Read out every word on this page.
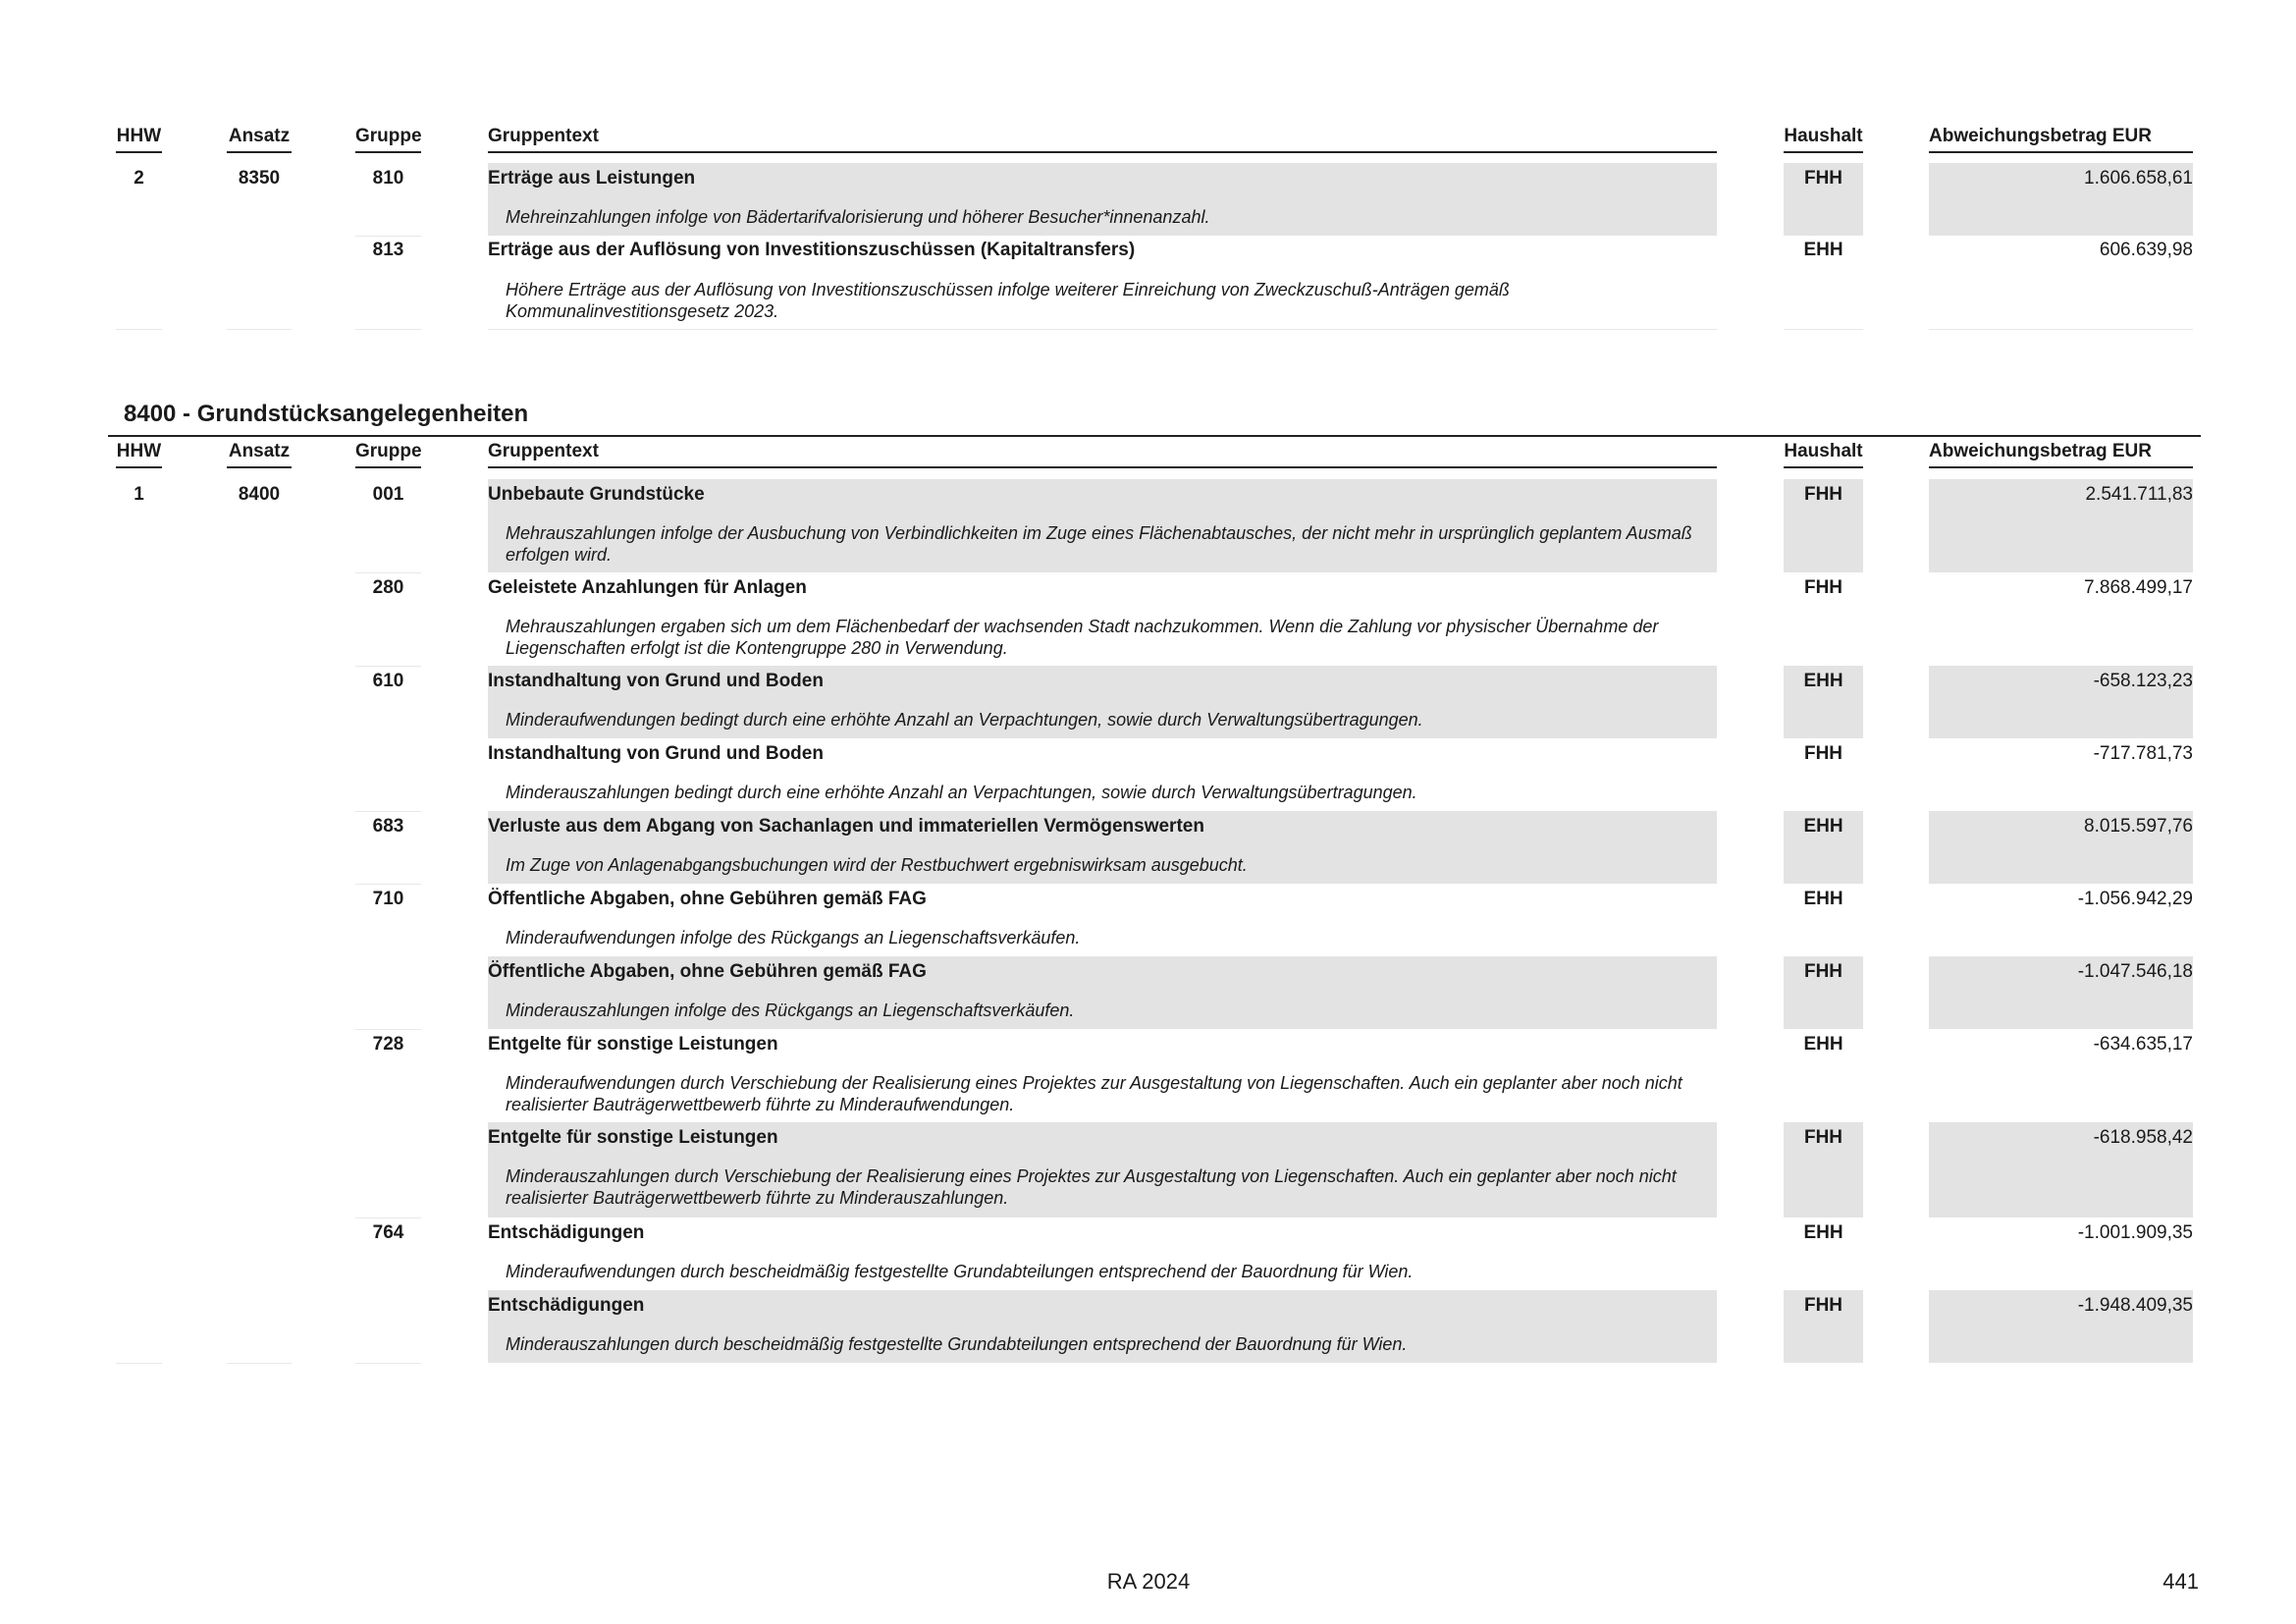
HHW	Ansatz	Gruppe	Gruppentext	Haushalt	Abweichungsbetrag EUR
2	8350	810	Erträge aus Leistungen
Mehreinzahlungen infolge von Bädertarifvalorisierung und höherer Besucher*innenanzahl.
FHH	1.606.658,61
813	Erträge aus der Auflösung von Investitionszuschüssen (Kapitaltransfers)
Höhere Erträge aus der Auflösung von Investitionszuschüssen infolge weiterer Einreichung von Zweckzuschuß-Anträgen gemäß Kommunalinvestitionsgesetz 2023.
EHH	606.639,98
8400 - Grundstücksangelegenheiten
HHW	Ansatz	Gruppe	Gruppentext	Haushalt	Abweichungsbetrag EUR
1	8400	001	Unbebaute Grundstücke
Mehrauszahlungen infolge der Ausbuchung von Verbindlichkeiten im Zuge eines Flächenabtausches, der nicht mehr in ursprünglich geplantem Ausmaß erfolgen wird.
FHH	2.541.711,83
280	Geleistete Anzahlungen für Anlagen
Mehrauszahlungen ergaben sich um dem Flächenbedarf der wachsenden Stadt nachzukommen. Wenn die Zahlung vor physischer Übernahme der Liegenschaften erfolgt ist die Kontengruppe 280 in Verwendung.
FHH	7.868.499,17
610	Instandhaltung von Grund und Boden
Minderaufwendungen bedingt durch eine erhöhte Anzahl an Verpachtungen, sowie durch Verwaltungsübertragungen.
EHH	-658.123,23
Instandhaltung von Grund und Boden
Minderauszahlungen bedingt durch eine erhöhte Anzahl an Verpachtungen, sowie durch Verwaltungsübertragungen.
FHH	-717.781,73
683	Verluste aus dem Abgang von Sachanlagen und immateriellen Vermögenswerten
Im Zuge von Anlagenabgangsbuchungen wird der Restbuchwert ergebniswirksam ausgebucht.
EHH	8.015.597,76
710	Öffentliche Abgaben, ohne Gebühren gemäß FAG
Minderaufwendungen infolge des Rückgangs an Liegenschaftsverkäufen.
EHH	-1.056.942,29
Öffentliche Abgaben, ohne Gebühren gemäß FAG
Minderauszahlungen infolge des Rückgangs an Liegenschaftsverkäufen.
FHH	-1.047.546,18
728	Entgelte für sonstige Leistungen
Minderaufwendungen durch Verschiebung der Realisierung eines Projektes zur Ausgestaltung von Liegenschaften. Auch ein geplanter aber noch nicht realisierter Bauträgerwettbewerb führte zu Minderaufwendungen.
EHH	-634.635,17
Entgelte für sonstige Leistungen
Minderauszahlungen durch Verschiebung der Realisierung eines Projektes zur Ausgestaltung von Liegenschaften. Auch ein geplanter aber noch nicht realisierter Bauträgerwettbewerb führte zu Minderauszahlungen.
FHH	-618.958,42
764	Entschädigungen
Minderaufwendungen durch bescheidmäßig festgestellte Grundabteilungen entsprechend der Bauordnung für Wien.
EHH	-1.001.909,35
Entschädigungen
Minderauszahlungen durch bescheidmäßig festgestellte Grundabteilungen entsprechend der Bauordnung für Wien.
FHH	-1.948.409,35
RA 2024	441
